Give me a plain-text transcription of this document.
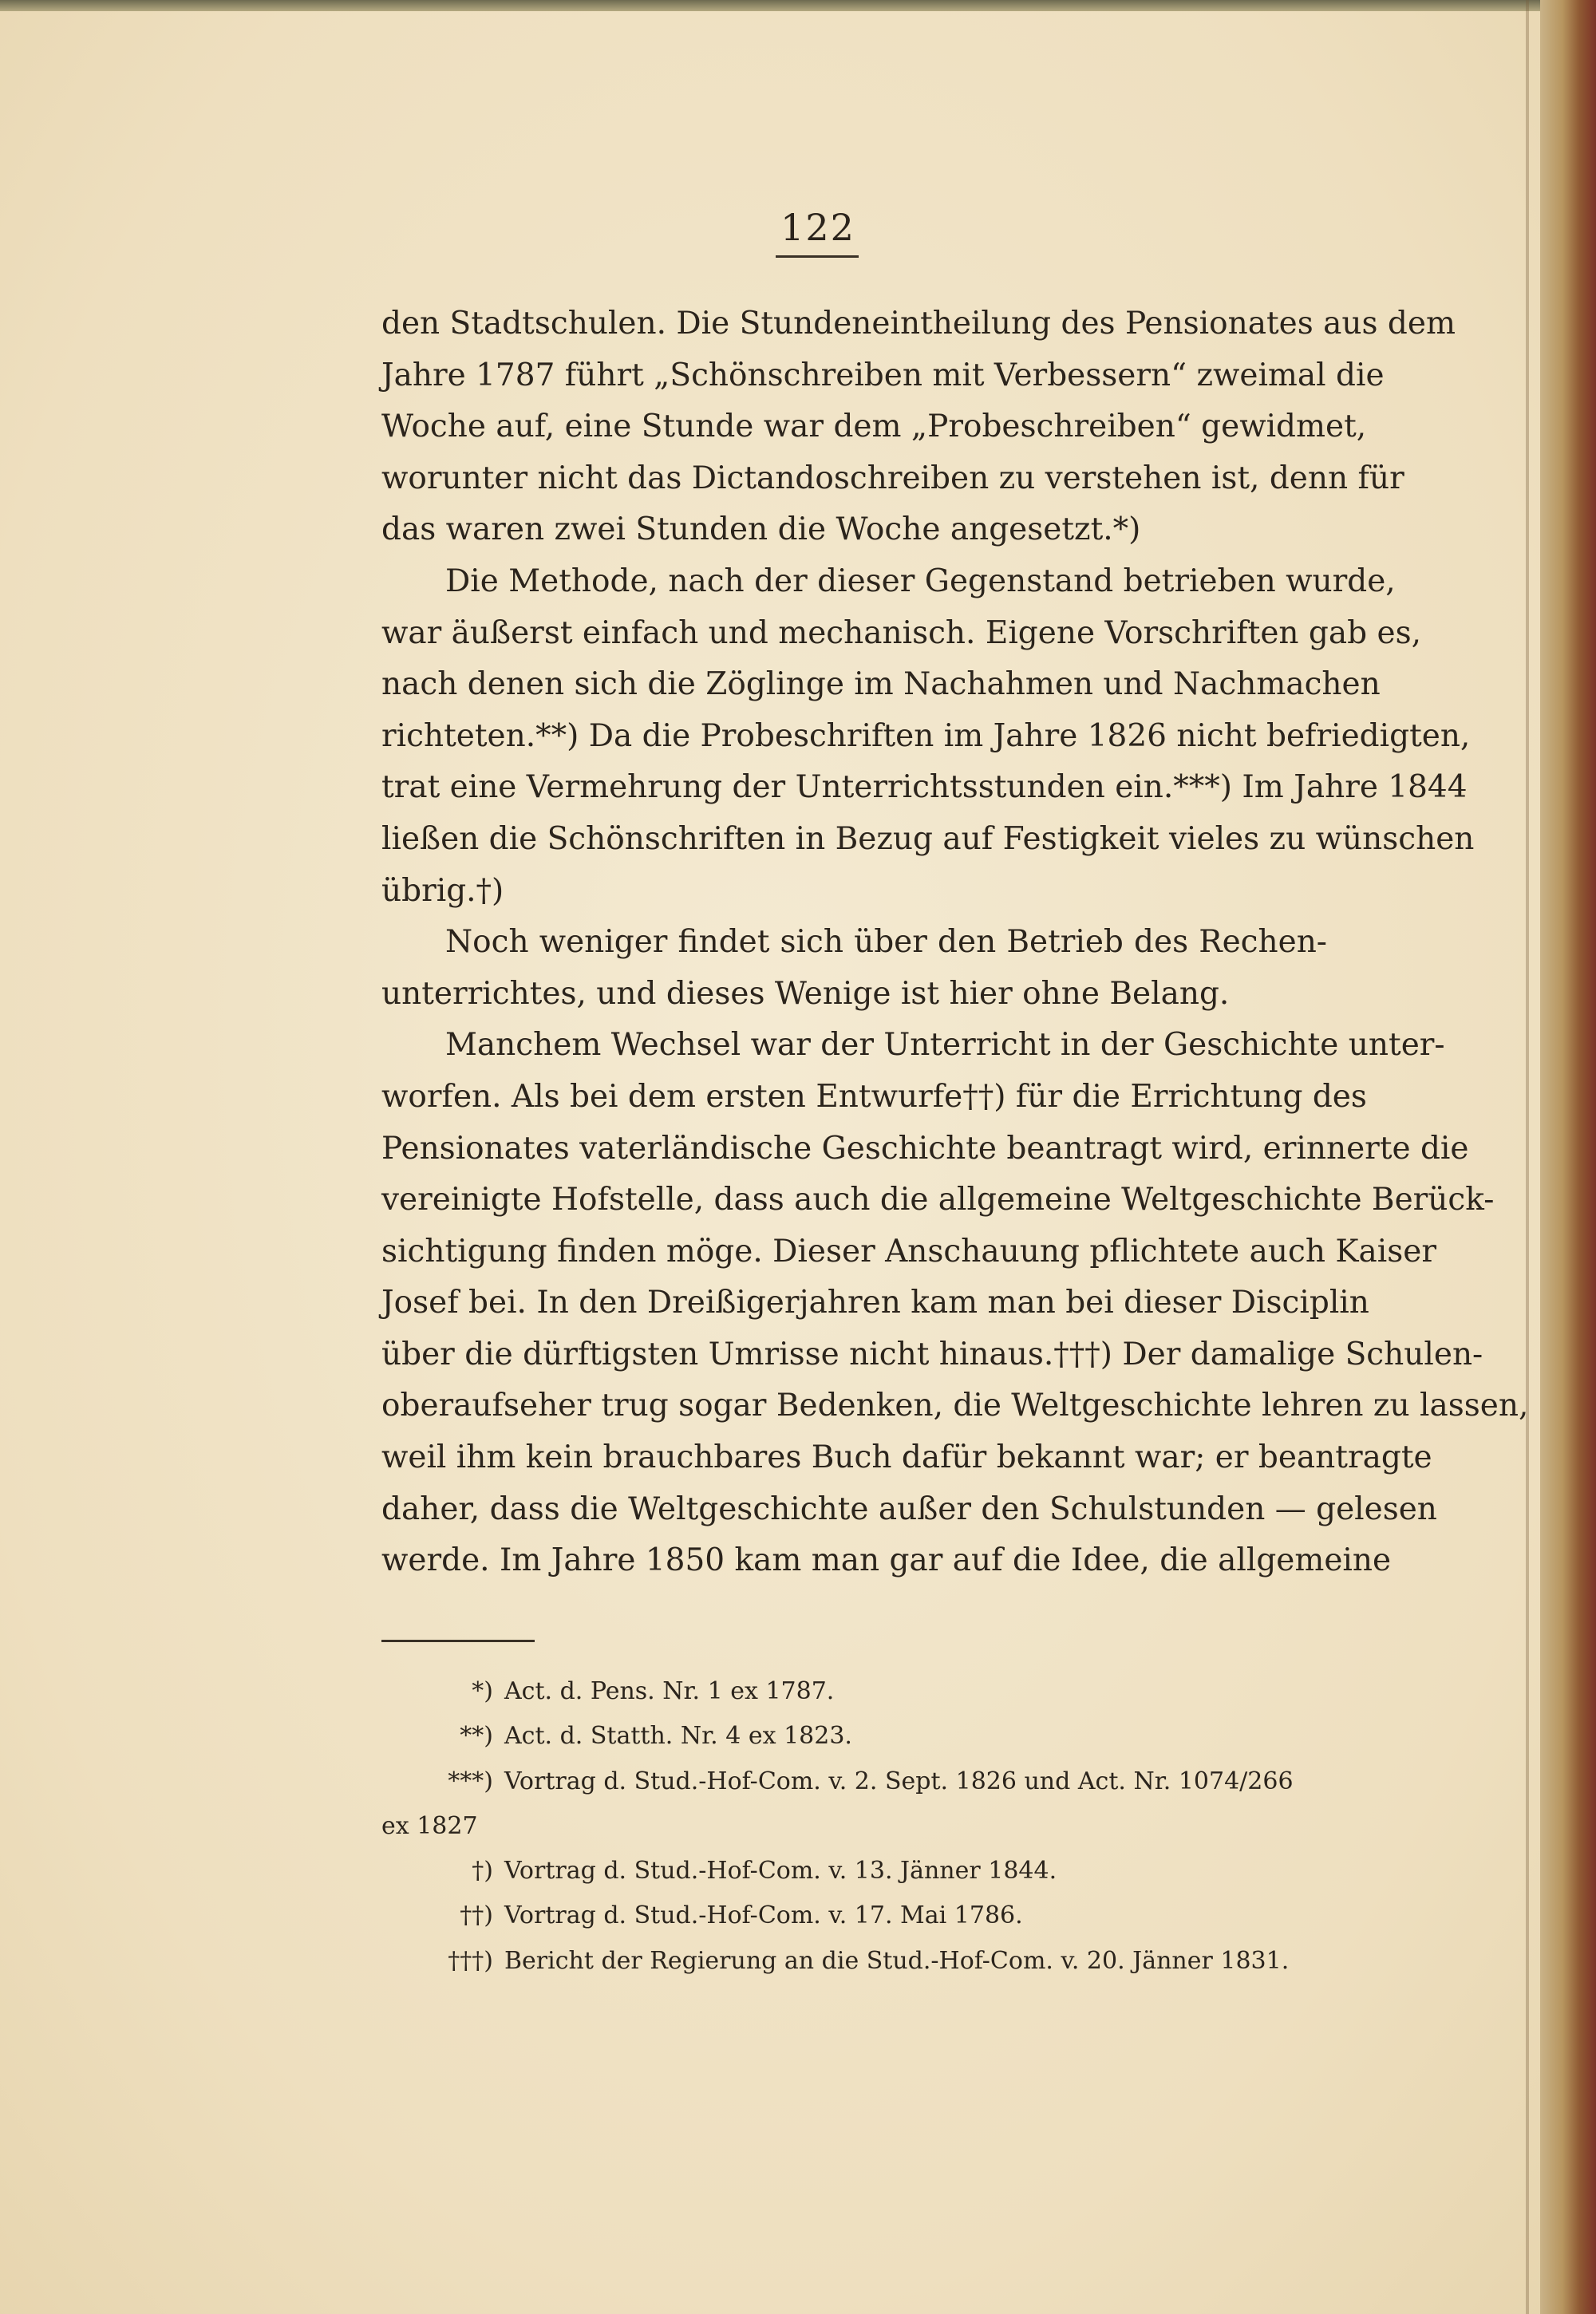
122
den Stadtschulen. Die Stundeneintheilung des Pensionates aus dem
Jahre 1787 führt „Schönschreiben mit Verbessern“ zweimal die
Woche auf, eine Stunde war dem „Probeschreiben“ gewidmet,
worunter nicht das Dictandoschreiben zu verstehen ist, denn für
das waren zwei Stunden die Woche angesetzt.*)
Die Methode, nach der dieser Gegenstand betrieben wurde,
war äußerst einfach und mechanisch. Eigene Vorschriften gab es,
nach denen sich die Zöglinge im Nachahmen und Nachmachen
richteten.**) Da die Probeschriften im Jahre 1826 nicht befriedigten,
trat eine Vermehrung der Unterrichtsstunden ein.***) Im Jahre 1844
ließen die Schönschriften in Bezug auf Festigkeit vieles zu wünschen
übrig.†)
Noch weniger findet sich über den Betrieb des Rechen-
unterrichtes, und dieses Wenige ist hier ohne Belang.
Manchem Wechsel war der Unterricht in der Geschichte unter-
worfen. Als bei dem ersten Entwurfe††) für die Errichtung des
Pensionates vaterländische Geschichte beantragt wird, erinnerte die
vereinigte Hofstelle, dass auch die allgemeine Weltgeschichte Berück-
sichtigung finden möge. Dieser Anschauung pflichtete auch Kaiser
Josef bei. In den Dreißigerjahren kam man bei dieser Disciplin
über die dürftigsten Umrisse nicht hinaus.†††) Der damalige Schulen-
oberaufseher trug sogar Bedenken, die Weltgeschichte lehren zu lassen,
weil ihm kein brauchbares Buch dafür bekannt war; er beantragte
daher, dass die Weltgeschichte außer den Schulstunden — gelesen
werde. Im Jahre 1850 kam man gar auf die Idee, die allgemeine
*) Act. d. Pens. Nr. 1 ex 1787.
**) Act. d. Statth. Nr. 4 ex 1823.
***) Vortrag d. Stud.-Hof-Com. v. 2. Sept. 1826 und Act. Nr. 1074/266
ex 1827
†) Vortrag d. Stud.-Hof-Com. v. 13. Jänner 1844.
††) Vortrag d. Stud.-Hof-Com. v. 17. Mai 1786.
†††) Bericht der Regierung an die Stud.-Hof-Com. v. 20. Jänner 1831.
